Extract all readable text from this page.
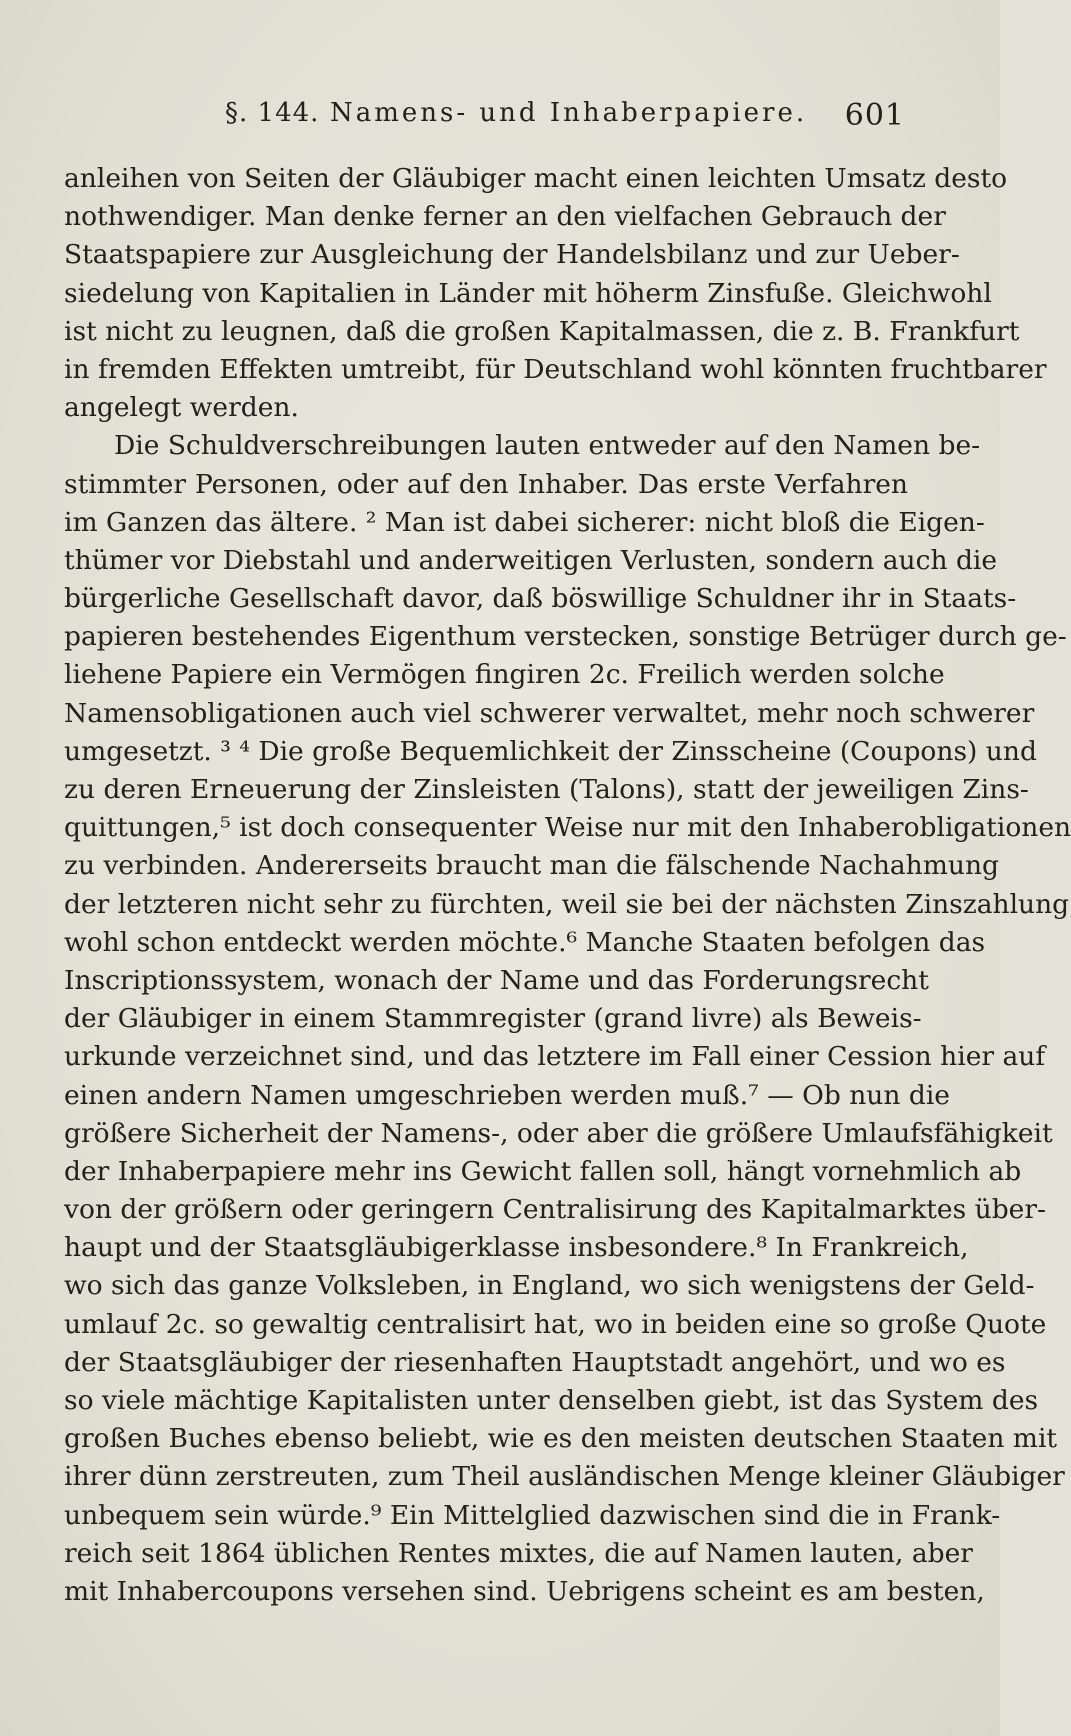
§. 144. Namens- und Inhaberpapiere. 601
anleihen von Seiten der Gläubiger macht einen leichten Umsatz desto
nothwendiger. Man denke ferner an den vielfachen Gebrauch der
Staatspapiere zur Ausgleichung der Handelsbilanz und zur Ueber-
siedelung von Kapitalien in Länder mit höherm Zinsfuße. Gleichwohl
ist nicht zu leugnen, daß die großen Kapitalmassen, die z. B. Frankfurt
in fremden Effekten umtreibt, für Deutschland wohl könnten fruchtbarer
angelegt werden.
Die Schuldverschreibungen lauten entweder auf den Namen be-
stimmter Personen, oder auf den Inhaber. Das erste Verfahren
im Ganzen das ältere. ² Man ist dabei sicherer: nicht bloß die Eigen-
thümer vor Diebstahl und anderweitigen Verlusten, sondern auch die
bürgerliche Gesellschaft davor, daß böswillige Schuldner ihr in Staats-
papieren bestehendes Eigenthum verstecken, sonstige Betrüger durch ge-
liehene Papiere ein Vermögen fingiren 2c. Freilich werden solche
Namensobligationen auch viel schwerer verwaltet, mehr noch schwerer
umgesetzt. ³ ⁴ Die große Bequemlichkeit der Zinsscheine (Coupons) und
zu deren Erneuerung der Zinsleisten (Talons), statt der jeweiligen Zins-
quittungen,⁵ ist doch consequenter Weise nur mit den Inhaberobligationen
zu verbinden. Andererseits braucht man die fälschende Nachahmung
der letzteren nicht sehr zu fürchten, weil sie bei der nächsten Zinszahlung
wohl schon entdeckt werden möchte.⁶ Manche Staaten befolgen das
Inscriptionssystem, wonach der Name und das Forderungsrecht
der Gläubiger in einem Stammregister (grand livre) als Beweis-
urkunde verzeichnet sind, und das letztere im Fall einer Cession hier auf
einen andern Namen umgeschrieben werden muß.⁷ — Ob nun die
größere Sicherheit der Namens-, oder aber die größere Umlaufsfähigkeit
der Inhaberpapiere mehr ins Gewicht fallen soll, hängt vornehmlich ab
von der größern oder geringern Centralisirung des Kapitalmarktes über-
haupt und der Staatsgläubigerklasse insbesondere.⁸ In Frankreich,
wo sich das ganze Volksleben, in England, wo sich wenigstens der Geld-
umlauf 2c. so gewaltig centralisirt hat, wo in beiden eine so große Quote
der Staatsgläubiger der riesenhaften Hauptstadt angehört, und wo es
so viele mächtige Kapitalisten unter denselben giebt, ist das System des
großen Buches ebenso beliebt, wie es den meisten deutschen Staaten mit
ihrer dünn zerstreuten, zum Theil ausländischen Menge kleiner Gläubiger
unbequem sein würde.⁹ Ein Mittelglied dazwischen sind die in Frank-
reich seit 1864 üblichen Rentes mixtes, die auf Namen lauten, aber
mit Inhabercoupons versehen sind. Uebrigens scheint es am besten,
